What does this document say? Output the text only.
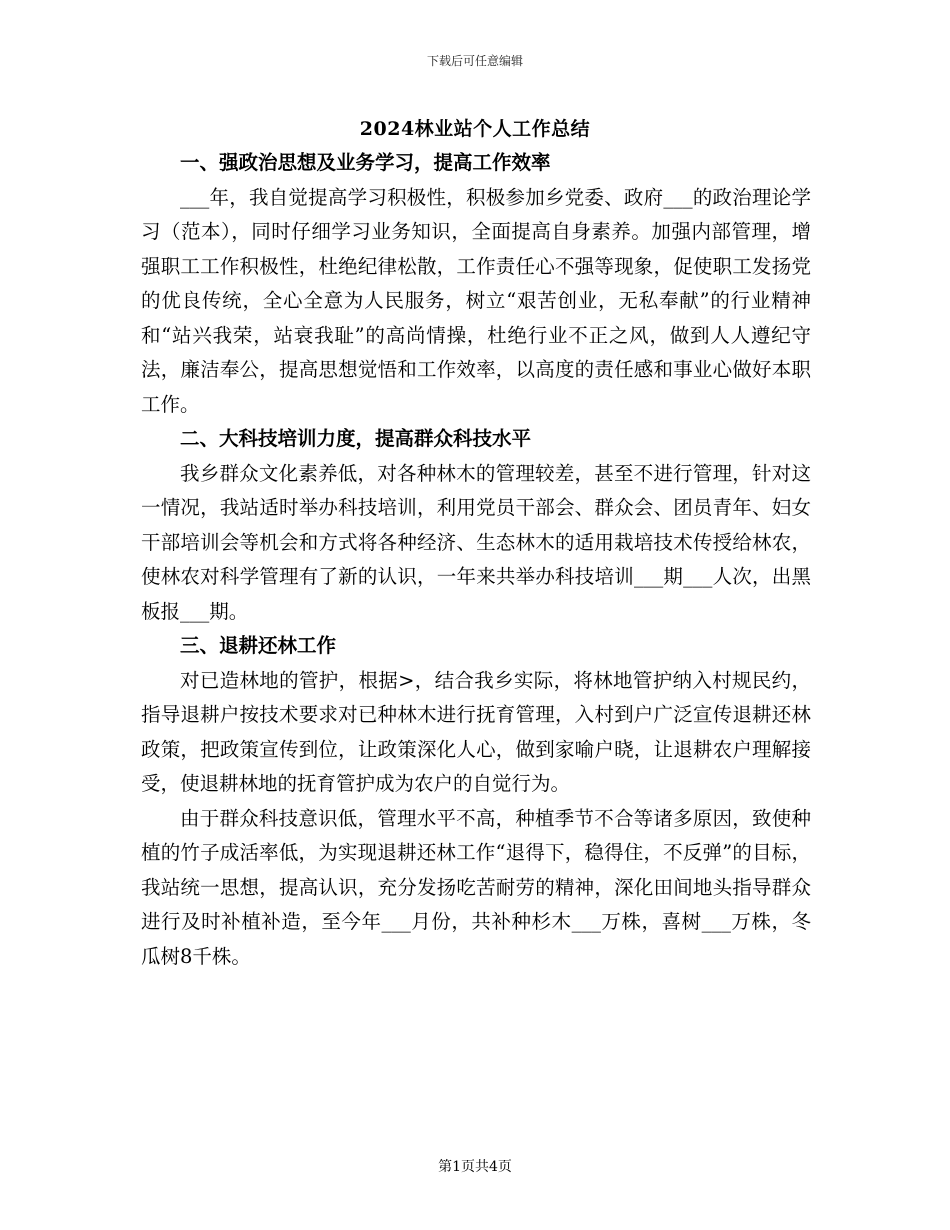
下载后可任意编辑
2024林业站个人工作总结
一、强政治思想及业务学习，提高工作效率

___年，我自觉提高学习积极性，积极参加乡党委、政府___的政治理论学习（范本），同时仔细学习业务知识，全面提高自身素养。加强内部管理，增强职工工作积极性，杜绝纪律松散，工作责任心不强等现象，促使职工发扬党的优良传统，全心全意为人民服务，树立“艰苦创业，无私奉献”的行业精神和“站兴我荣，站衰我耻”的高尚情操，杜绝行业不正之风，做到人人遵纪守法，廉洁奉公，提高思想觉悟和工作效率，以高度的责任感和事业心做好本职工作。

二、大科技培训力度，提高群众科技水平

我乡群众文化素养低，对各种林木的管理较差，甚至不进行管理，针对这一情况，我站适时举办科技培训，利用党员干部会、群众会、团员青年、妇女干部培训会等机会和方式将各种经济、生态林木的适用栽培技术传授给林农，使林农对科学管理有了新的认识，一年来共举办科技培训___期___人次，出黑板报___期。

三、退耕还林工作

对已造林地的管护，根据>，结合我乡实际，将林地管护纳入村规民约，指导退耕户按技术要求对已种林木进行抚育管理，入村到户广泛宣传退耕还林政策，把政策宣传到位，让政策深化人心，做到家喻户晓，让退耕农户理解接受，使退耕林地的抚育管护成为农户的自觉行为。

由于群众科技意识低，管理水平不高，种植季节不合等诸多原因，致使种植的竹子成活率低，为实现退耕还林工作“退得下，稳得住，不反弹”的目标，我站统一思想，提高认识，充分发扬吃苦耐劳的精神，深化田间地头指导群众进行及时补植补造，至今年___月份，共补种杉木___万株，喜树___万株，冬瓜树8千株。

第1页共4页
